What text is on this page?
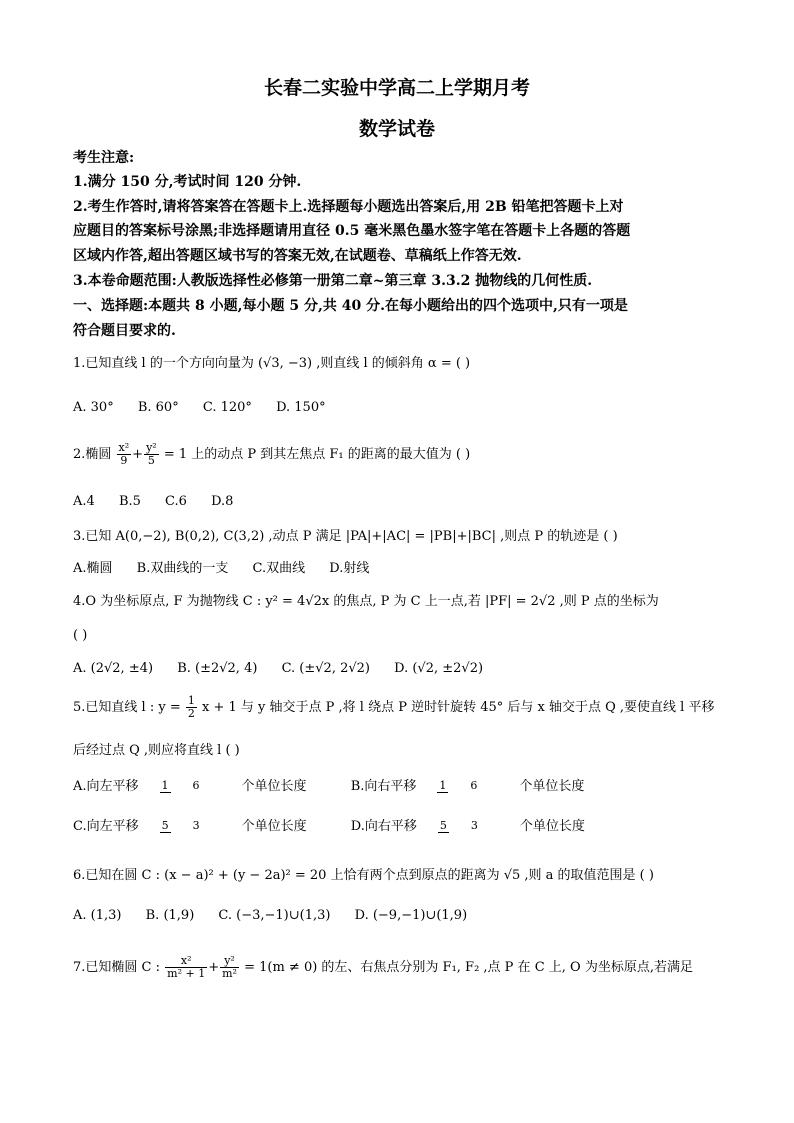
长春二实验中学高二上学期月考
数学试卷
考生注意:
1.满分 150 分,考试时间 120 分钟.
2.考生作答时,请将答案答在答题卡上.选择题每小题选出答案后,用 2B 铅笔把答题卡上对
应题目的答案标号涂黑;非选择题请用直径 0.5 毫米黑色墨水签字笔在答题卡上各题的答题
区域内作答,超出答题区域书写的答案无效,在试题卷、草稿纸上作答无效.
3.本卷命题范围:人教版选择性必修第一册第二章~第三章 3.3.2 抛物线的几何性质.
一、选择题:本题共 8 小题,每小题 5 分,共 40 分.在每小题给出的四个选项中,只有一项是
符合题目要求的.
1.已知直线 l 的一个方向向量为 (√3, −3) ,则直线 l 的倾斜角 α = ( )
A. 30° B. 60° C. 120° D. 150°
2.椭圆 $\frac{\text{x²}}{9} + \frac{\text{y²}}{5} = 1$ 上的动点 P 到其左焦点 F₁ 的距离的最大值为 ( )
A.4 B.5 C.6 D.8
3.已知 A(0,−2), B(0,2), C(3,2) ,动点 P 满足 |PA|+|AC| = |PB|+|BC| ,则点 P 的轨迹是 ( )
A.椭圆 B.双曲线的一支 C.双曲线 D.射线
4.O 为坐标原点, F 为抛物线 C : y² = 4√2x 的焦点, P 为 C 上一点,若 |PF| = 2√2 ,则 P 点的坐标为
( )
A. (2√2, ±4) B. (±2√2, 4) C. (±√2, 2√2) D. (√2, ±2√2)
5.已知直线 l : $y = \frac{1}{2}$ x + 1 与 y 轴交于点 P ,将 l 绕点 P 逆时针旋转 45° 后与 x 轴交于点 Q ,要使直线 l 平移
后经过点 Q ,则应将直线 l ( )
A.向左平移 1 6	个单位长度	B.向右平移 1 6	个单位长度
C.向左平移 5 3	个单位长度	D.向右平移 5 3	个单位长度
6.已知在圆 C : (x − a)² + (y − 2a)² = 20 上恰有两个点到原点的距离为 √5 ,则 a 的取值范围是 ( )
A. (1,3) B. (1,9) C. (−3,−1)∪(1,3) D. (−9,−1)∪(1,9)
7.已知椭圆 C : $\frac{\text{x²}}{\text{m² + 1}} + \frac{\text{y²}}{\text{m²}} = 1(m \ne 0)$ 的左、右焦点分别为 F₁, F₂ ,点 P 在 C 上, O 为坐标原点,若满足
